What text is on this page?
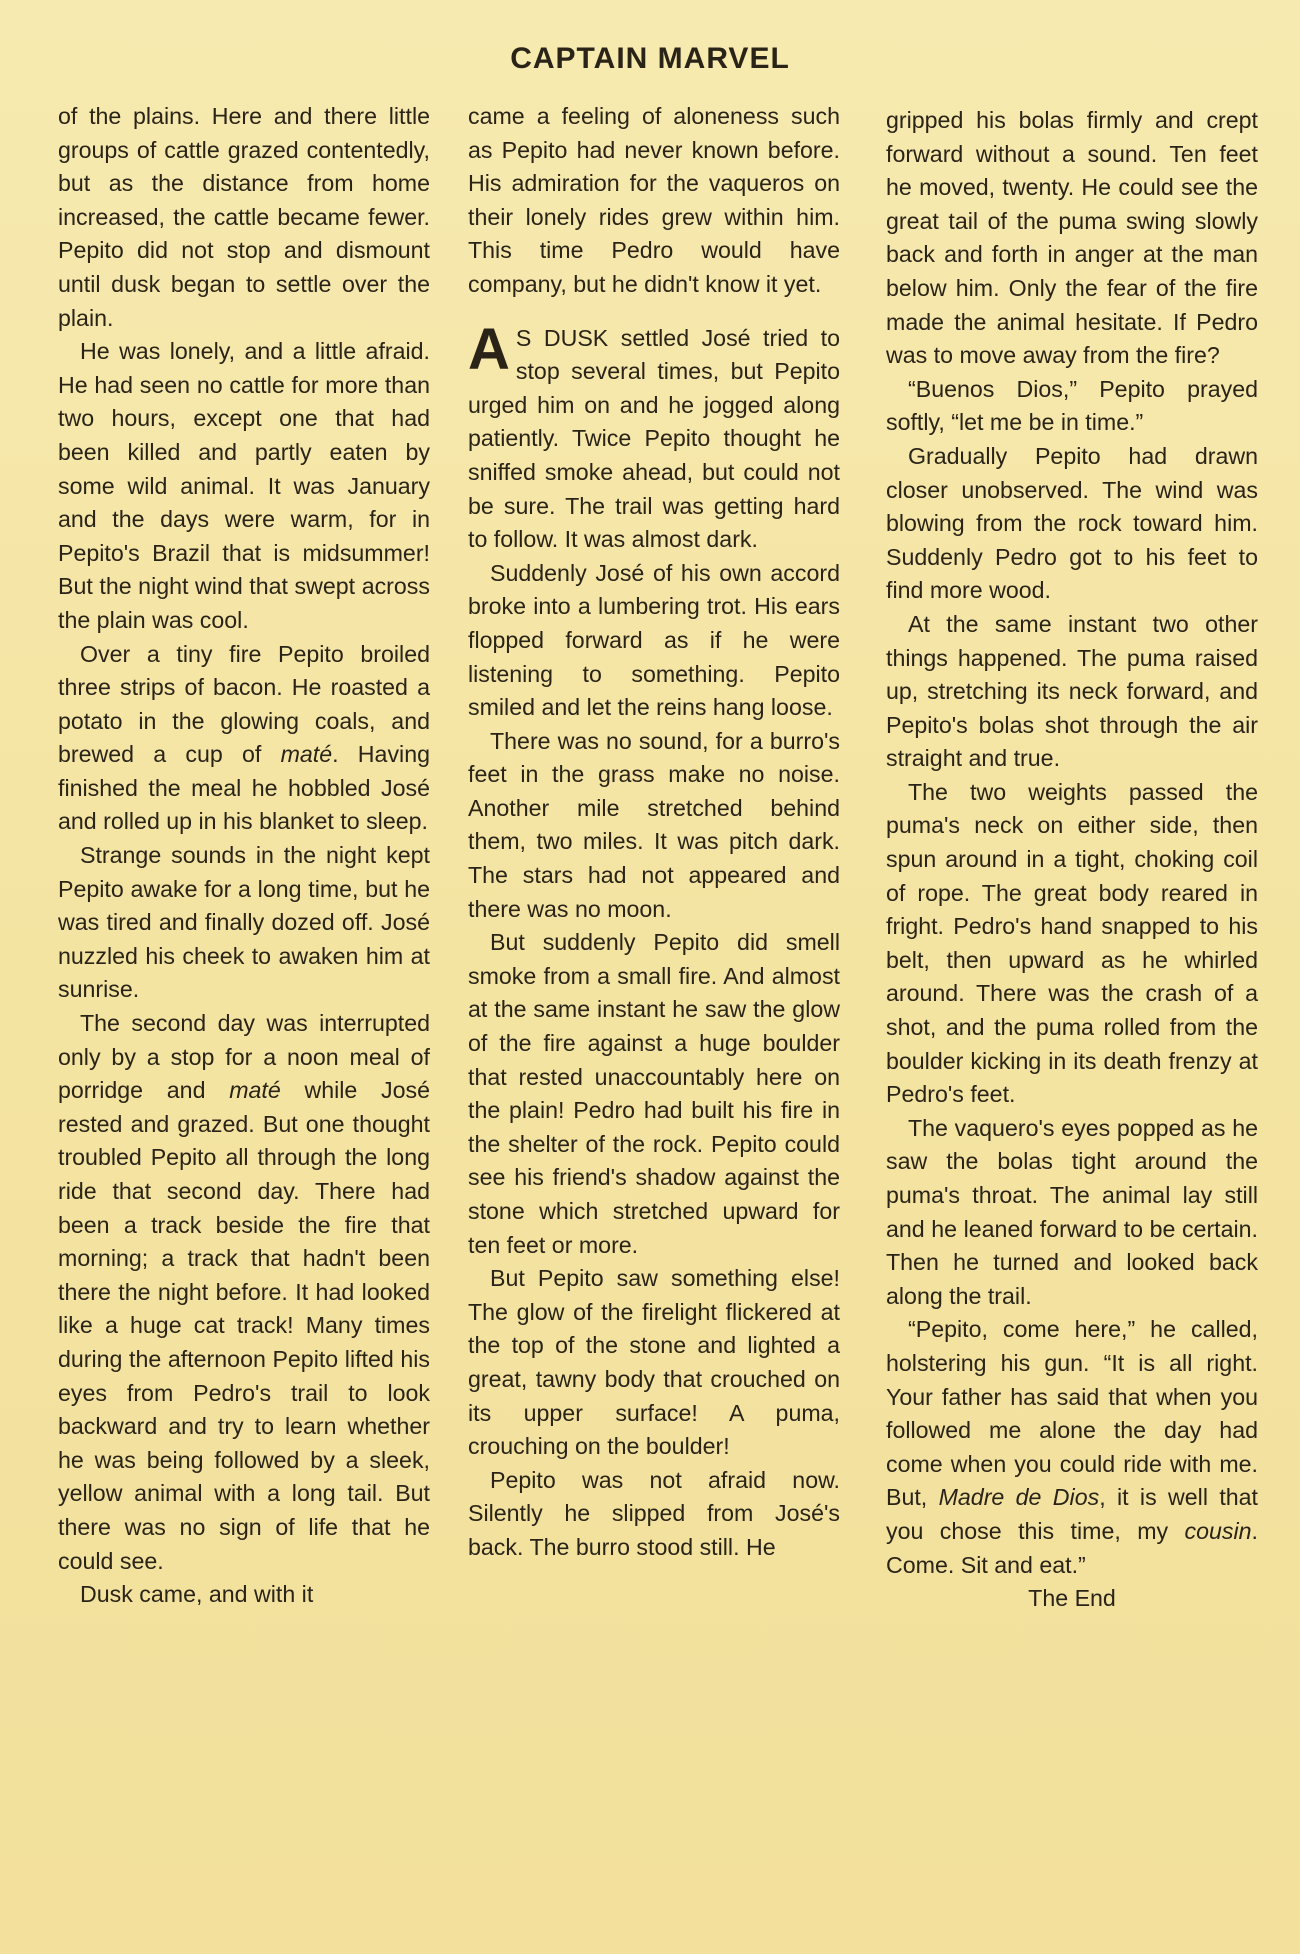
CAPTAIN MARVEL

of the plains. Here and there little groups of cattle grazed contentedly, but as the distance from home increased, the cattle became fewer. Pepito did not stop and dismount until dusk began to settle over the plain.

He was lonely, and a little afraid. He had seen no cattle for more than two hours, except one that had been killed and partly eaten by some wild animal. It was January and the days were warm, for in Pepito's Brazil that is midsummer! But the night wind that swept across the plain was cool.

Over a tiny fire Pepito broiled three strips of bacon. He roasted a potato in the glowing coals, and brewed a cup of maté. Having finished the meal he hobbled José and rolled up in his blanket to sleep.

Strange sounds in the night kept Pepito awake for a long time, but he was tired and finally dozed off. José nuzzled his cheek to awaken him at sunrise.

The second day was interrupted only by a stop for a noon meal of porridge and maté while José rested and grazed. But one thought troubled Pepito all through the long ride that second day. There had been a track beside the fire that morning; a track that hadn't been there the night before. It had looked like a huge cat track! Many times during the afternoon Pepito lifted his eyes from Pedro's trail to look backward and try to learn whether he was being followed by a sleek, yellow animal with a long tail. But there was no sign of life that he could see.

Dusk came, and with it

came a feeling of aloneness such as Pepito had never known before. His admiration for the vaqueros on their lonely rides grew within him. This time Pedro would have company, but he didn't know it yet.

A S DUSK settled José tried to stop several times, but Pepito urged him on and he jogged along patiently. Twice Pepito thought he sniffed smoke ahead, but could not be sure. The trail was getting hard to follow. It was almost dark.

Suddenly José of his own accord broke into a lumbering trot. His ears flopped forward as if he were listening to something. Pepito smiled and let the reins hang loose.

There was no sound, for a burro's feet in the grass make no noise. Another mile stretched behind them, two miles. It was pitch dark. The stars had not appeared and there was no moon.

But suddenly Pepito did smell smoke from a small fire. And almost at the same instant he saw the glow of the fire against a huge boulder that rested unaccountably here on the plain! Pedro had built his fire in the shelter of the rock. Pepito could see his friend's shadow against the stone which stretched upward for ten feet or more.

But Pepito saw something else! The glow of the firelight flickered at the top of the stone and lighted a great, tawny body that crouched on its upper surface! A puma, crouching on the boulder!

Pepito was not afraid now. Silently he slipped from José's back. The burro stood still. He

gripped his bolas firmly and crept forward without a sound. Ten feet he moved, twenty. He could see the great tail of the puma swing slowly back and forth in anger at the man below him. Only the fear of the fire made the animal hesitate. If Pedro was to move away from the fire?

“Buenos Dios,” Pepito prayed softly, “let me be in time.”

Gradually Pepito had drawn closer unobserved. The wind was blowing from the rock toward him. Suddenly Pedro got to his feet to find more wood.

At the same instant two other things happened. The puma raised up, stretching its neck forward, and Pepito's bolas shot through the air straight and true.

The two weights passed the puma's neck on either side, then spun around in a tight, choking coil of rope. The great body reared in fright. Pedro's hand snapped to his belt, then upward as he whirled around. There was the crash of a shot, and the puma rolled from the boulder kicking in its death frenzy at Pedro's feet.

The vaquero's eyes popped as he saw the bolas tight around the puma's throat. The animal lay still and he leaned forward to be certain. Then he turned and looked back along the trail.

“Pepito, come here,” he called, holstering his gun. “It is all right. Your father has said that when you followed me alone the day had come when you could ride with me. But, Madre de Dios, it is well that you chose this time, my cousin. Come. Sit and eat.”

The End
